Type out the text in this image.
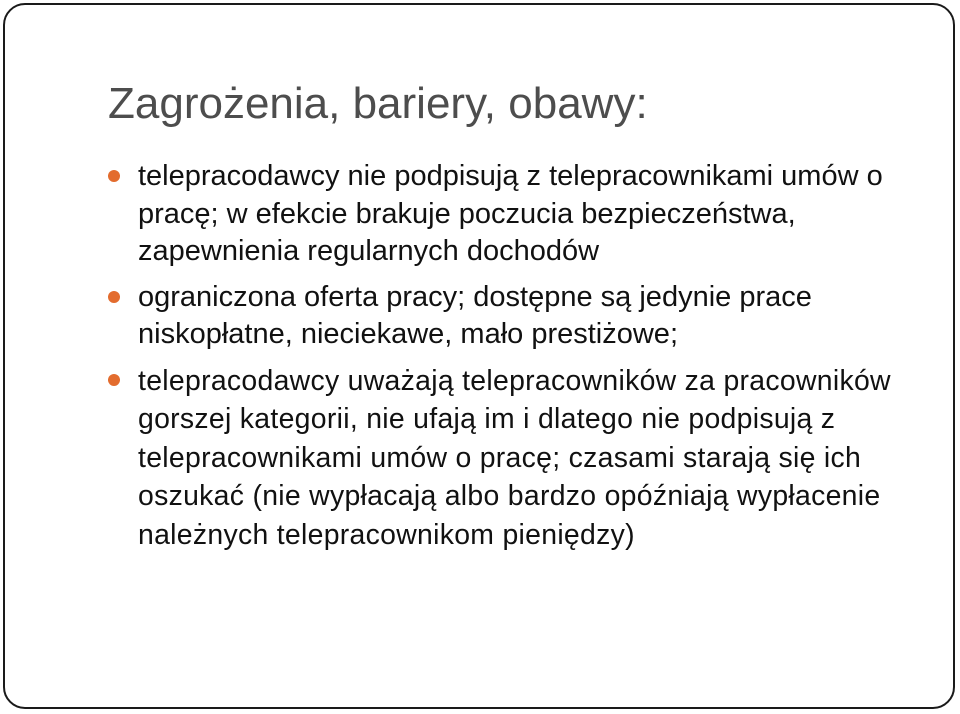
Zagrożenia, bariery, obawy:
telepracodawcy nie podpisują z telepracownikami umów o pracę; w efekcie brakuje poczucia bezpieczeństwa, zapewnienia regularnych dochodów
ograniczona oferta pracy; dostępne są jedynie prace niskopłatne, nieciekawe, mało prestiżowe;
telepracodawcy uważają telepracowników za pracowników gorszej kategorii, nie ufają im i dlatego nie podpisują z telepracownikami umów o pracę; czasami starają się ich oszukać (nie wypłacają albo bardzo opóźniają wypłacenie należnych telepracownikom pieniędzy)
